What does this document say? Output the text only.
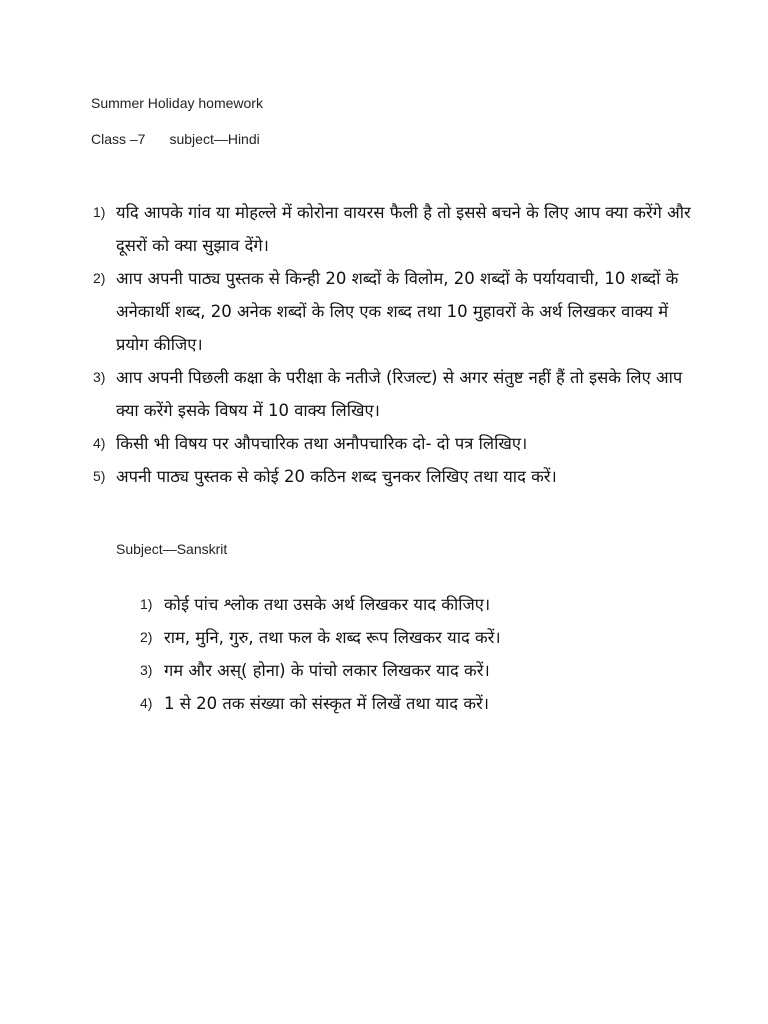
Summer Holiday homework
Class –7 subject—Hindi
1) यदि आपके गांव या मोहल्ले में कोरोना वायरस फैली है तो इससे बचने के लिए आप क्या करेंगे और दूसरों को क्या सुझाव देंगे।
2) आप अपनी पाठ्य पुस्तक से किन्ही 20 शब्दों के विलोम, 20 शब्दों के पर्यायवाची, 10 शब्दों के अनेकार्थी शब्द, 20 अनेक शब्दों के लिए एक शब्द तथा 10 मुहावरों के अर्थ लिखकर वाक्य में प्रयोग कीजिए।
3) आप अपनी पिछली कक्षा के परीक्षा के नतीजे (रिजल्ट) से अगर संतुष्ट नहीं हैं तो इसके लिए आप क्या करेंगे इसके विषय में 10 वाक्य लिखिए।
4) किसी भी विषय पर औपचारिक तथा अनौपचारिक दो- दो पत्र लिखिए।
5) अपनी पाठ्य पुस्तक से कोई 20 कठिन शब्द चुनकर लिखिए तथा याद करें।
Subject—Sanskrit
1) कोई पांच श्लोक तथा उसके अर्थ लिखकर याद कीजिए।
2) राम, मुनि, गुरु, तथा फल के शब्द रूप लिखकर याद करें।
3) गम और अस्( होना) के पांचो लकार लिखकर याद करें।
4) 1 से 20 तक संख्या को संस्कृत में लिखें तथा याद करें।
